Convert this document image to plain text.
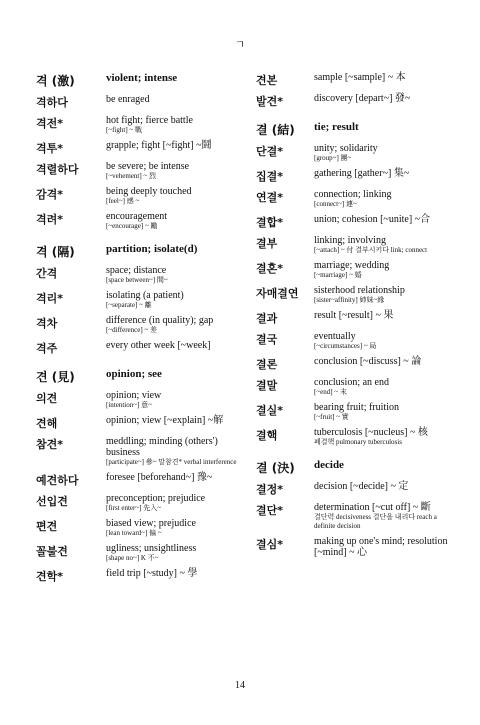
ㄱ
격 (激)	violent; intense
격하다	be enraged
격전*	hot fight; fierce battle
[~fight] ~ 戰
격투*	grapple; fight [~fight] ~鬪
격렬하다	be severe; be intense
[~vehement] ~ 烈
감격*	being deeply touched
[feel~] 感 ~
격려*	encouragement
[~encourage] ~ 勵
격 (隔)	partition; isolate(d)
간격	space; distance
[space between~] 間~
격리*	isolating (a patient)
[~separate] ~ 離
격차	difference (in quality); gap
[~difference] ~ 差
격주	every other week [~week]
견 (見)	opinion; see
의견	opinion; view
[intention~] 意~
견해	opinion; view [~explain] ~解
참견*	meddling; minding (others') business
[participate~] 參~ 말참견* verbal interference
예견하다	foresee [beforehand~] 豫~
선입견	preconception; prejudice
[first enter~] 先入~
편견	biased view; prejudice
[lean toward~] 偏 ~
꼴불견	ugliness; unsightliness
[shape no~] K 不~
견학*	field trip [~study] ~ 學
견본	sample [~sample] ~ 本
발견*	discovery [depart~] 發~
결 (結)	tie; result
단결*	unity; solidarity
[group~] 團~
집결*	gathering [gather~] 集~
연결*	connection; linking
[connect~] 連~
결합*	union; cohesion [~unite] ~合
결부	linking; involving
[~attach] ~ 付 결부시키다 link; connect
결혼*	marriage; wedding
[~marriage] ~ 婚
자매결연	sisterhood relationship
[sister~affinity] 姉妹~緣
결과	result [~result] ~ 果
결국	eventually
[~circumstances] ~ 局
결론	conclusion [~discuss] ~ 論
결말	conclusion; an end
[~end] ~ 末
결실*	bearing fruit; fruition
[~fruit] ~ 實
결핵	tuberculosis [~nucleus] ~ 核
폐결핵 pulmonary tuberculosis
결 (決)	decide
결정*	decision [~decide] ~ 定
결단*	determination [~cut off] ~ 斷
결단력 decisiveness 결단을 내리다 reach a definite decision
결심*	making up one's mind; resolution [~mind] ~ 心
14
